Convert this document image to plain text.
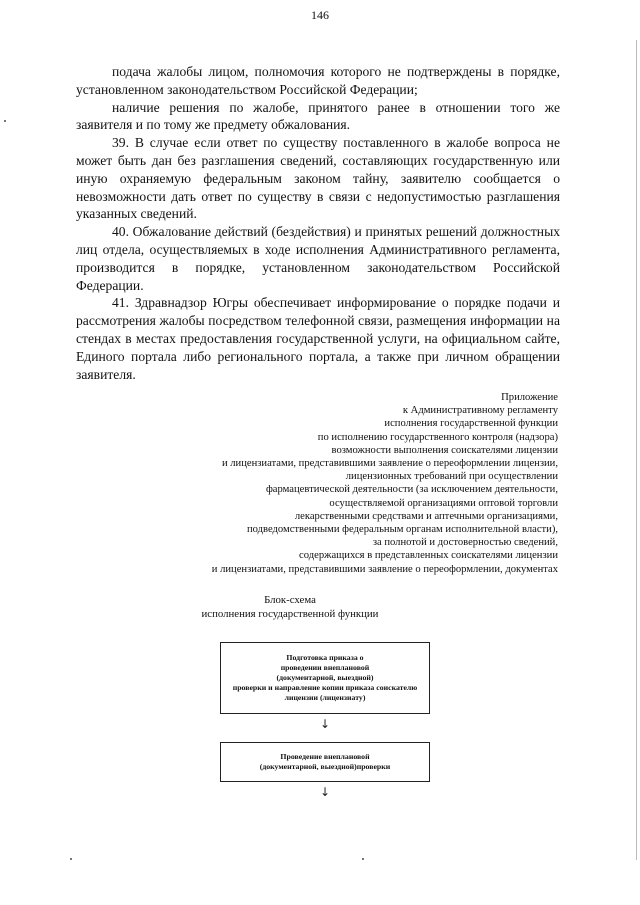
146

подача жалобы лицом, полномочия которого не подтверждены в порядке, установленном законодательством Российской Федерации;

наличие решения по жалобе, принятого ранее в отношении того же заявителя и по тому же предмету обжалования.

39. В случае если ответ по существу поставленного в жалобе вопроса не может быть дан без разглашения сведений, составляющих государственную или иную охраняемую федеральным законом тайну, заявителю сообщается о невозможности дать ответ по существу в связи с недопустимостью разглашения указанных сведений.

40. Обжалование действий (бездействия) и принятых решений должностных лиц отдела, осуществляемых в ходе исполнения Административного регламента, производится в порядке, установленном законодательством Российской Федерации.

41. Здравнадзор Югры обеспечивает информирование о порядке подачи и рассмотрения жалобы посредством телефонной связи, размещения информации на стендах в местах предоставления государственной услуги, на официальном сайте, Единого портала либо регионального портала, а также при личном обращении заявителя.

Приложение
к Административному регламенту
исполнения государственной функции
по исполнению государственного контроля (надзора)
возможности выполнения соискателями лицензии
и лицензиатами, представившими заявление о переоформлении лицензии,
лицензионных требований при осуществлении
фармацевтической деятельности (за исключением деятельности,
осуществляемой организациями оптовой торговли
лекарственными средствами и аптечными организациями,
подведомственными федеральным органам исполнительной власти),
за полнотой и достоверностью сведений,
содержащихся в представленных соискателями лицензии
и лицензиатами, представившими заявление о переоформлении, документах
Блок-схема
исполнения государственной функции
Подготовка приказа о
проведении внеплановой
(документарной, выездной)
проверки и направление копии приказа соискателю
лицензии (лицензиату)
↓
Проведение внеплановой
(документарной, выездной)проверки
↓
